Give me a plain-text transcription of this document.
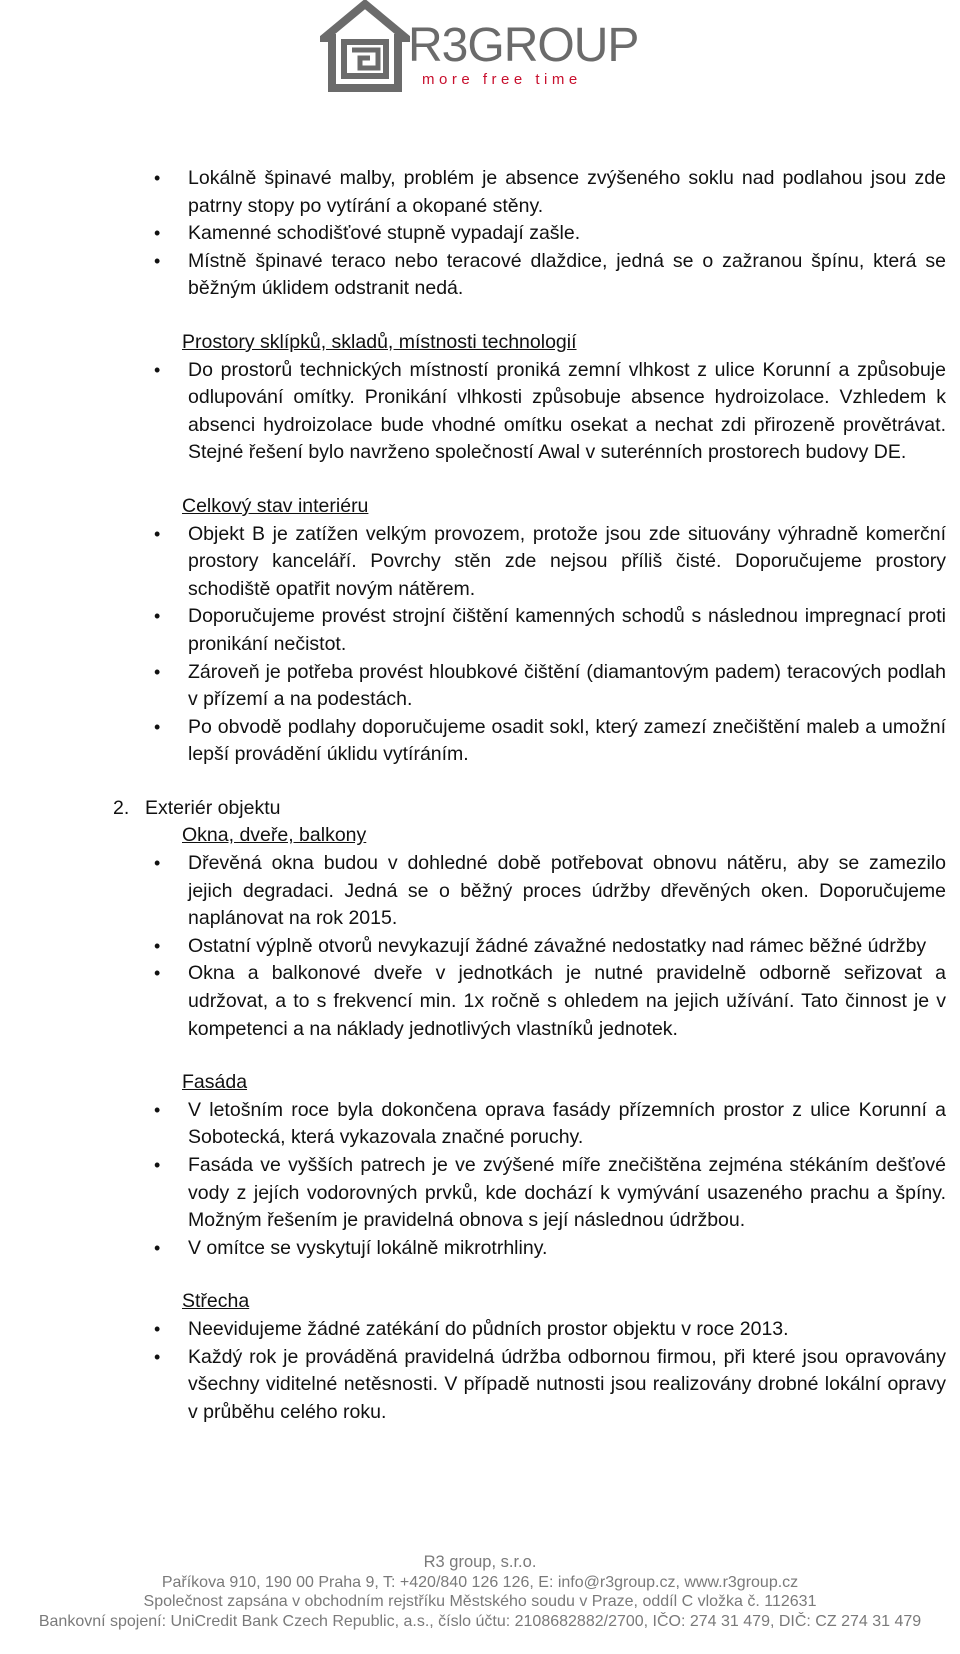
R3GROUP
more free time
• Lokálně špinavé malby, problém je absence zvýšeného soklu nad podlahou jsou zde patrny stopy po vytírání a okopané stěny.
• Kamenné schodišťové stupně vypadají zašle.
• Místně špinavé teraco nebo teracové dlaždice, jedná se o zažranou špínu, která se běžným úklidem odstranit nedá.
Prostory sklípků, skladů, místnosti technologií
• Do prostorů technických místností proniká zemní vlhkost z ulice Korunní a způsobuje odlupování omítky. Pronikání vlhkosti způsobuje absence hydroizolace. Vzhledem k absenci hydroizolace bude vhodné omítku osekat a nechat zdi přirozeně provětrávat. Stejné řešení bylo navrženo společností Awal v suterénních prostorech budovy DE.
Celkový stav interiéru
• Objekt B je zatížen velkým provozem, protože jsou zde situovány výhradně komerční prostory kanceláří. Povrchy stěn zde nejsou příliš čisté. Doporučujeme prostory schodiště opatřit novým nátěrem.
• Doporučujeme provést strojní čištění kamenných schodů s následnou impregnací proti pronikání nečistot.
• Zároveň je potřeba provést hloubkové čištění (diamantovým padem) teracových podlah v přízemí a na podestách.
• Po obvodě podlahy doporučujeme osadit sokl, který zamezí znečištění maleb a umožní lepší provádění úklidu vytíráním.
2. Exteriér objektu
Okna, dveře, balkony
• Dřevěná okna budou v dohledné době potřebovat obnovu nátěru, aby se zamezilo jejich degradaci. Jedná se o běžný proces údržby dřevěných oken. Doporučujeme naplánovat na rok 2015.
• Ostatní výplně otvorů nevykazují žádné závažné nedostatky nad rámec běžné údržby
• Okna a balkonové dveře v jednotkách je nutné pravidelně odborně seřizovat a udržovat, a to s frekvencí min. 1x ročně s ohledem na jejich užívání. Tato činnost je v kompetenci a na náklady jednotlivých vlastníků jednotek.
Fasáda
• V letošním roce byla dokončena oprava fasády přízemních prostor z ulice Korunní a Sobotecká, která vykazovala značné poruchy.
• Fasáda ve vyšších patrech je ve zvýšené míře znečištěna zejména stékáním dešťové vody z jejích vodorovných prvků, kde dochází k vymývání usazeného prachu a špíny. Možným řešením je pravidelná obnova s její následnou údržbou.
• V omítce se vyskytují lokálně mikrotrhliny.
Střecha
• Neevidujeme žádné zatékání do půdních prostor objektu v roce 2013.
• Každý rok je prováděná pravidelná údržba odbornou firmou, při které jsou opravovány všechny viditelné netěsnosti. V případě nutnosti jsou realizovány drobné lokální opravy v průběhu celého roku.
R3 group, s.r.o.
Paříkova 910, 190 00 Praha 9, T: +420/840 126 126, E: info@r3group.cz, www.r3group.cz
Společnost zapsána v obchodním rejstříku Městského soudu v Praze, oddíl C vložka č. 112631
Bankovní spojení: UniCredit Bank Czech Republic, a.s., číslo účtu: 2108682882/2700, IČO: 274 31 479, DIČ: CZ 274 31 479
